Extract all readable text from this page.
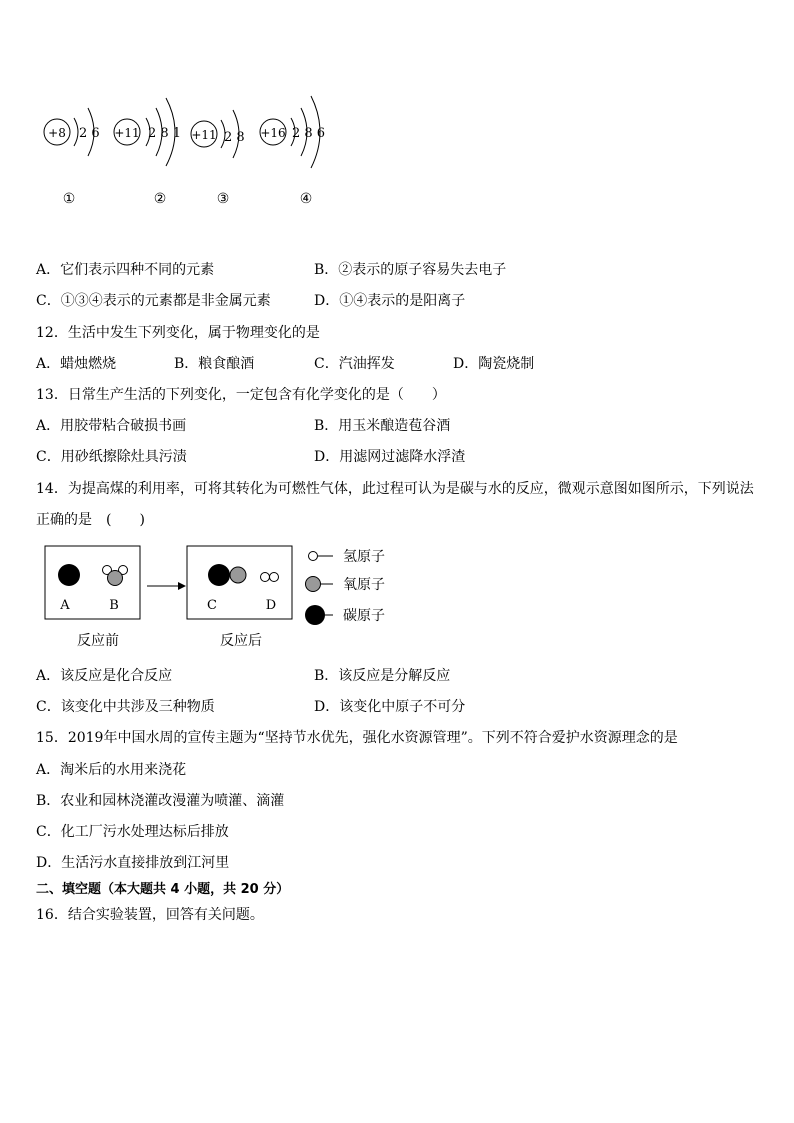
+8 2 6
①
+11 2 8 1
②
+11 2 8
③
+16 2 8 6
④
A．它们表示四种不同的元素	B．②表示的原子容易失去电子
C．①③④表示的元素都是非金属元素	D．①④表示的是阳离子
12．生活中发生下列变化，属于物理变化的是
A．蜡烛燃烧	B．粮食酿酒	C．汽油挥发	D．陶瓷烧制
13．日常生产生活的下列变化，一定包含有化学变化的是（　　）
A．用胶带粘合破损书画	B．用玉米酿造苞谷酒
C．用砂纸擦除灶具污渍	D．用滤网过滤降水浮渣
14．为提高煤的利用率，可将其转化为可燃性气体，此过程可认为是碳与水的反应，微观示意图如图所示，下列说法
正确的是　(　　)
A	B	C	D
反应前	反应后
氢原子
氧原子
碳原子
A．该反应是化合反应	B．该反应是分解反应
C．该变化中共涉及三种物质	D．该变化中原子不可分
15．2019年中国水周的宣传主题为“坚持节水优先，强化水资源管理”。下列不符合爱护水资源理念的是
A．淘米后的水用来浇花
B．农业和园林浇灌改漫灌为喷灌、滴灌
C．化工厂污水处理达标后排放
D．生活污水直接排放到江河里
二、填空题（本大题共 4 小题，共 20 分）
16．结合实验装置，回答有关问题。
